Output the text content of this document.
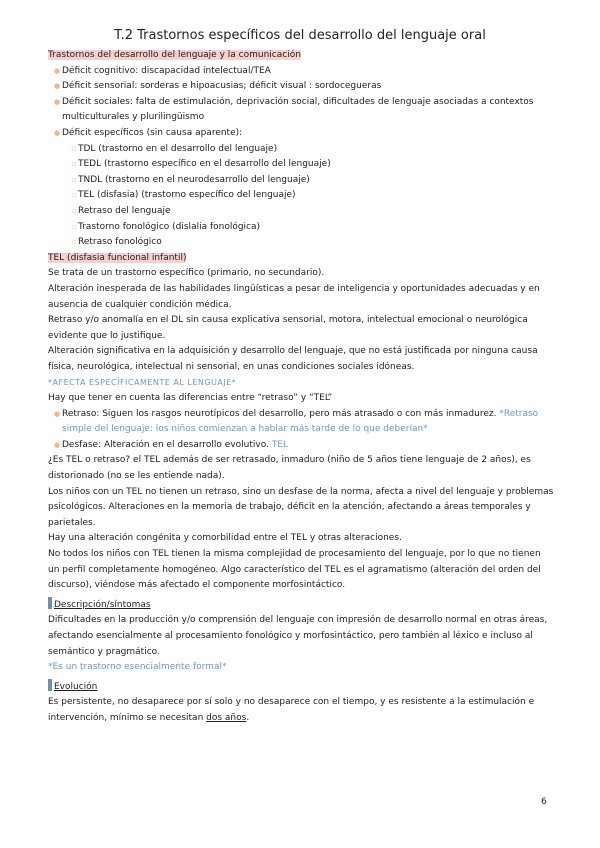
T.2 Trastornos específicos del desarrollo del lenguaje oral

Trastornos del desarrollo del lenguaje y la comunicación

● Déficit cognitivo: discapacidad intelectual/TEA

● Déficit sensorial: sorderas e hipoacusias; déficit visual : sordocegueras

● Déficit sociales: falta de estimulación, deprivación social, dificultades de lenguaje asociadas a contextos multiculturales y plurilingüismo

● Déficit específicos (sin causa aparente):

▫TDL (trastorno en el desarrollo del lenguaje)

▫TEDL (trastorno específico en el desarrollo del lenguaje)

▫TNDL (trastorno en el neurodesarrollo del lenguaje)

▫TEL (disfasia) (trastorno específico del lenguaje)

▫Retraso del lenguaje

▫Trastorno fonológico (dislalia fonológica)

▫Retraso fonológico

TEL (disfasia funcional infantil)

Se trata de un trastorno específico (primario, no secundario).

Alteración inesperada de las habilidades lingüísticas a pesar de inteligencia y oportunidades adecuadas y en ausencia de cualquier condición médica.

Retraso y/o anomalía en el DL sin causa explicativa sensorial, motora, intelectual emocional o neurológica evidente que lo justifique.

Alteración significativa en la adquisición y desarrollo del lenguaje, que no está justificada por ninguna causa física, neurológica, intelectual ni sensorial, en unas condiciones sociales idóneas.

*AFECTA ESPECÍFICAMENTE AL LENGUAJE*

Hay que tener en cuenta las diferencias entre “retraso” y “TEL”

● Retraso: Siguen los rasgos neurotípicos del desarrollo, pero más atrasado o con más inmadurez. *Retraso simple del lenguaje: los niños comienzan a hablar más tarde de lo que deberían*

● Desfase: Alteración en el desarrollo evolutivo. TEL

¿Es TEL o retraso? el TEL además de ser retrasado, inmaduro (niño de 5 años tiene lenguaje de 2 años), es distorionado (no se les entiende nada).

Los niños con un TEL no tienen un retraso, sino un desfase de la norma, afecta a nivel del lenguaje y problemas psicológicos. Alteraciones en la memoria de trabajo, déficit en la atención, afectando a áreas temporales y parietales.

Hay una alteración congénita y comorbilidad entre el TEL y otras alteraciones.

No todos los niños con TEL tienen la misma complejidad de procesamiento del lenguaje, por lo que no tienen un perfil completamente homogéneo. Algo característico del TEL es el agramatismo (alteración del orden del discurso), viéndose más afectado el componente morfosintáctico.

Descripción/síntomas

Dificultades en la producción y/o comprensión del lenguaje con impresión de desarrollo normal en otras áreas, afectando esencialmente al procesamiento fonológico y morfosintáctico, pero también al léxico e incluso al semántico y pragmático.

*Es un trastorno esencialmente formal*

Evolución

Es persistente, no desaparece por sí solo y no desaparece con el tiempo, y es resistente a la estimulación e intervención, mínimo se necesitan dos años.

6
